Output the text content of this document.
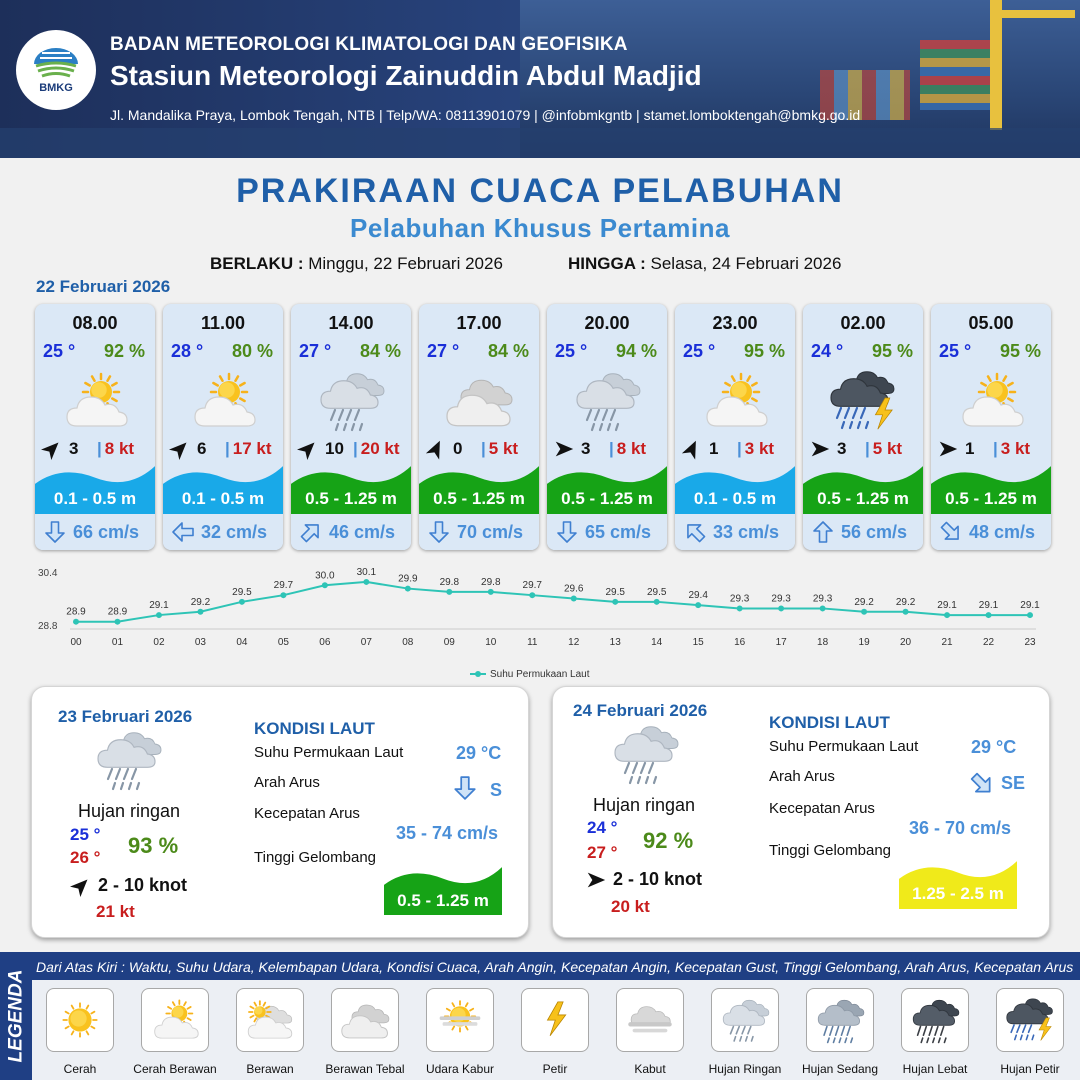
BMKG
BADAN METEOROLOGI KLIMATOLOGI DAN GEOFISIKA
Stasiun Meteorologi Zainuddin Abdul Madjid
Jl. Mandalika Praya, Lombok Tengah, NTB | Telp/WA: 08113901079 | @infobmkgntb | stamet.lomboktengah@bmkg.go.id
PRAKIRAAN CUACA PELABUHAN
Pelabuhan Khusus Pertamina
BERLAKU : Minggu, 22 Februari 2026	HINGGA : Selasa, 24 Februari 2026
22 Februari 2026
08.00
25 ° 92 %
3 | 8 kt
0.1 - 0.5 m
66 cm/s
11.00
28 ° 80 %
6 | 17 kt
0.1 - 0.5 m
32 cm/s
14.00
27 ° 84 %
10 | 20 kt
0.5 - 1.25 m
46 cm/s
17.00
27 ° 84 %
0 | 5 kt
0.5 - 1.25 m
70 cm/s
20.00
25 ° 94 %
3 | 8 kt
0.5 - 1.25 m
65 cm/s
23.00
25 ° 95 %
1 | 3 kt
0.1 - 0.5 m
33 cm/s
02.00
24 ° 95 %
3 | 5 kt
0.5 - 1.25 m
56 cm/s
05.00
25 ° 95 %
1 | 3 kt
0.5 - 1.25 m
48 cm/s
30.4
28.8
28.9
00
28.9
01
29.1
02
29.2
03
29.5
04
29.7
05
30.0
06
30.1
07
29.9
08
29.8
09
29.8
10
29.7
11
29.6
12
29.5
13
29.5
14
29.4
15
29.3
16
29.3
17
29.3
18
29.2
19
29.2
20
29.1
21
29.1
22
29.1
23
Suhu Permukaan Laut
23 Februari 2026
Hujan ringan
25 °
26 ° 93 %
2 - 10 knot
21 kt
KONDISI LAUT
Suhu Permukaan Laut	29 °C
Arah Arus	S
Kecepatan Arus
35 - 74 cm/s
Tinggi Gelombang
0.5 - 1.25 m
24 Februari 2026
Hujan ringan
24 °
27 ° 92 %
2 - 10 knot
20 kt
KONDISI LAUT
Suhu Permukaan Laut	29 °C
Arah Arus	SE
Kecepatan Arus
36 - 70 cm/s
Tinggi Gelombang
1.25 - 2.5 m
LEGENDA
Dari Atas Kiri : Waktu, Suhu Udara, Kelembapan Udara, Kondisi Cuaca, Arah Angin, Kecepatan Angin, Kecepatan Gust, Tinggi Gelombang, Arah Arus, Kecepatan Arus
Cerah	Cerah Berawan	Berawan	Berawan Tebal	Udara Kabur	Petir	Kabut	Hujan Ringan	Hujan Sedang	Hujan Lebat	Hujan Petir
